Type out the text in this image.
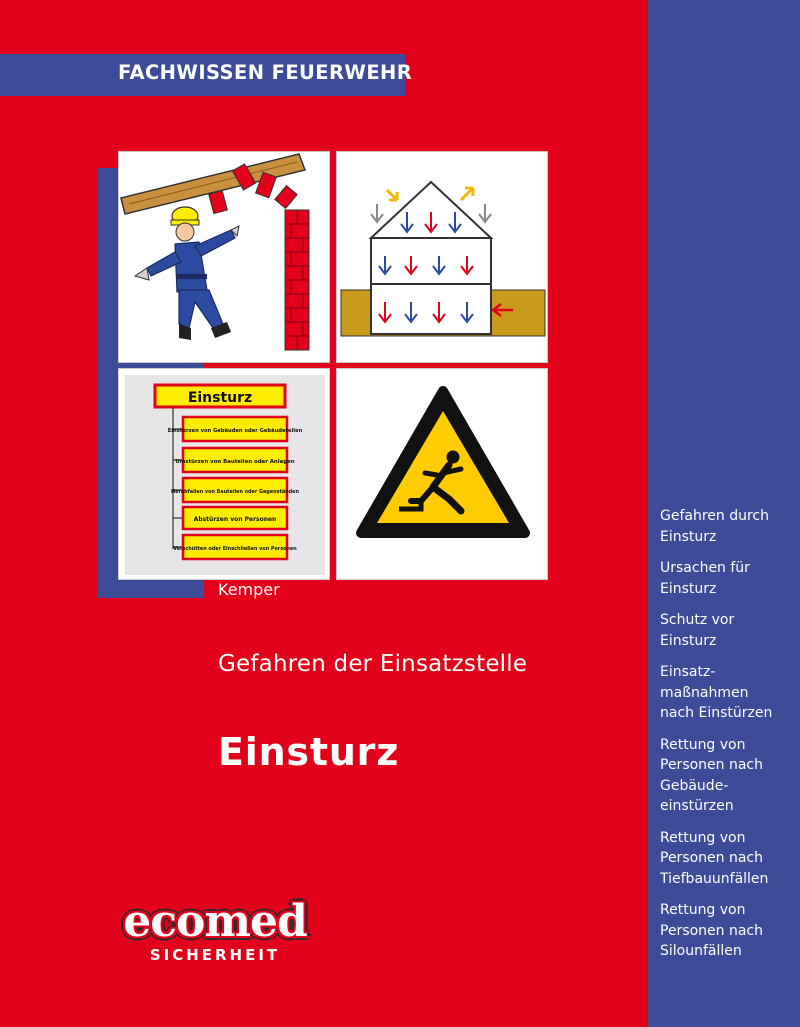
FACHWISSEN FEUERWEHR
Einsturz
Einstürzen von Gebäuden oder Gebäudeteilen
Umstürzen von Bauteilen oder Anlagen
Herabfallen von Bauteilen oder Gegenständen
Abstürzen von Personen
Verschütten oder Einschließen von Personen
Kemper
Gefahren der Einsatzstelle
Einsturz
Gefahren durch
Einsturz
Ursachen für
Einsturz
Schutz vor
Einsturz
Einsatz-
maßnahmen
nach Einstürzen
Rettung von
Personen nach
Gebäude-
einstürzen
Rettung von
Personen nach
Tiefbauunfällen
Rettung von
Personen nach
Silounfällen
ecomed
SICHERHEIT
